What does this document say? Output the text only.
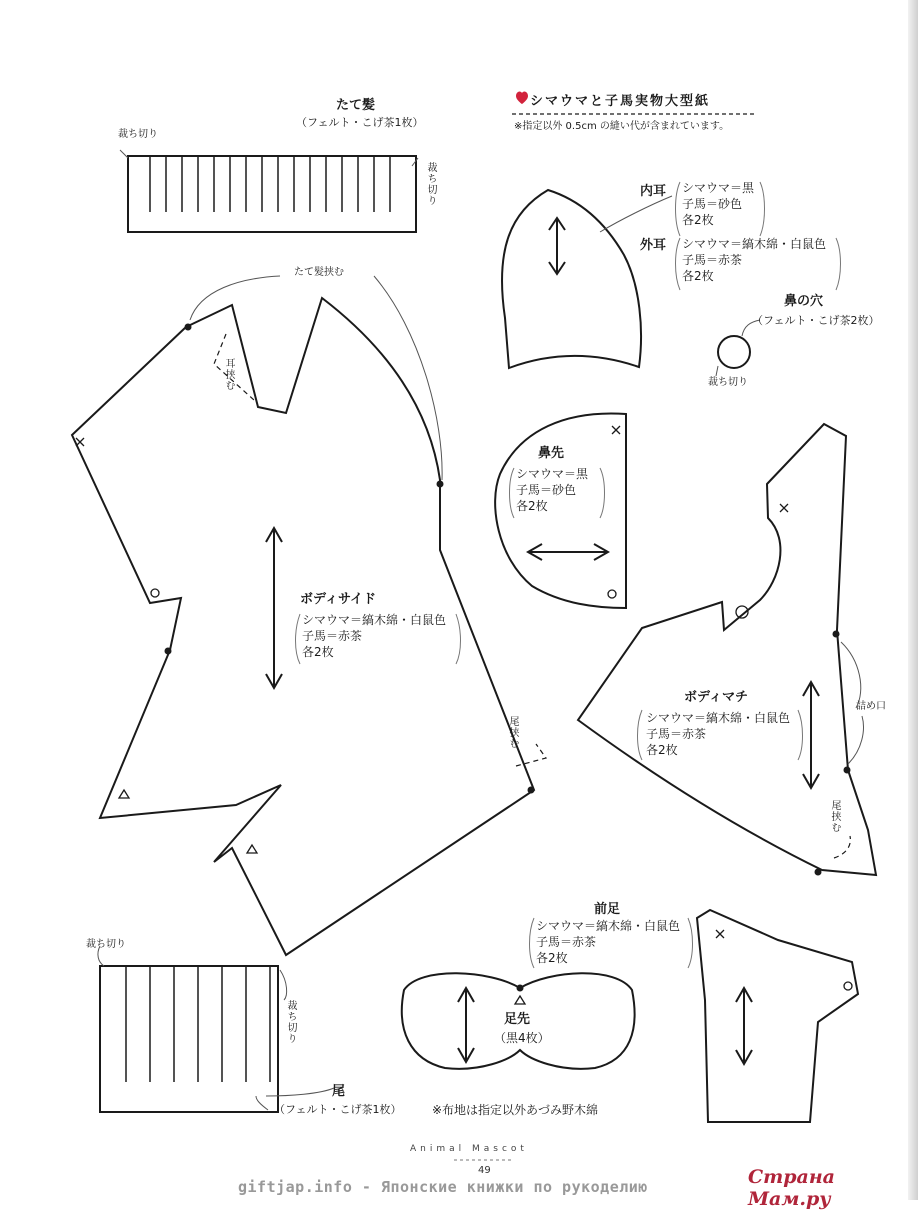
シマウマと子馬実物大型紙
※指定以外 0.5cm の縫い代が含まれています。
たて髪
（フェルト・こげ茶1枚）
裁ち切り
裁ち切り	内耳 シマウマ＝黒
子馬＝砂色
各2枚
外耳 シマウマ＝縞木綿・白鼠色
子馬＝赤茶
各2枚
鼻の穴
（フェルト・こげ茶2枚）
裁ち切り
鼻先
シマウマ＝黒
子馬＝砂色
各2枚
たて髪挟む
耳挟む
ボディサイド
シマウマ＝縞木綿・白鼠色
子馬＝赤茶
各2枚
尾挟む
ボディマチ
シマウマ＝縞木綿・白鼠色
子馬＝赤茶
各2枚
詰め口
尾挟む
前足
シマウマ＝縞木綿・白鼠色
子馬＝赤茶
各2枚
足先
（黒4枚）
裁ち切り
裁ち切り
尾
（フェルト・こげ茶1枚）	※布地は指定以外あづみ野木綿
Animal Mascot
49
giftjap.info - Японские книжки по рукоделию	Страна Мам.ру
